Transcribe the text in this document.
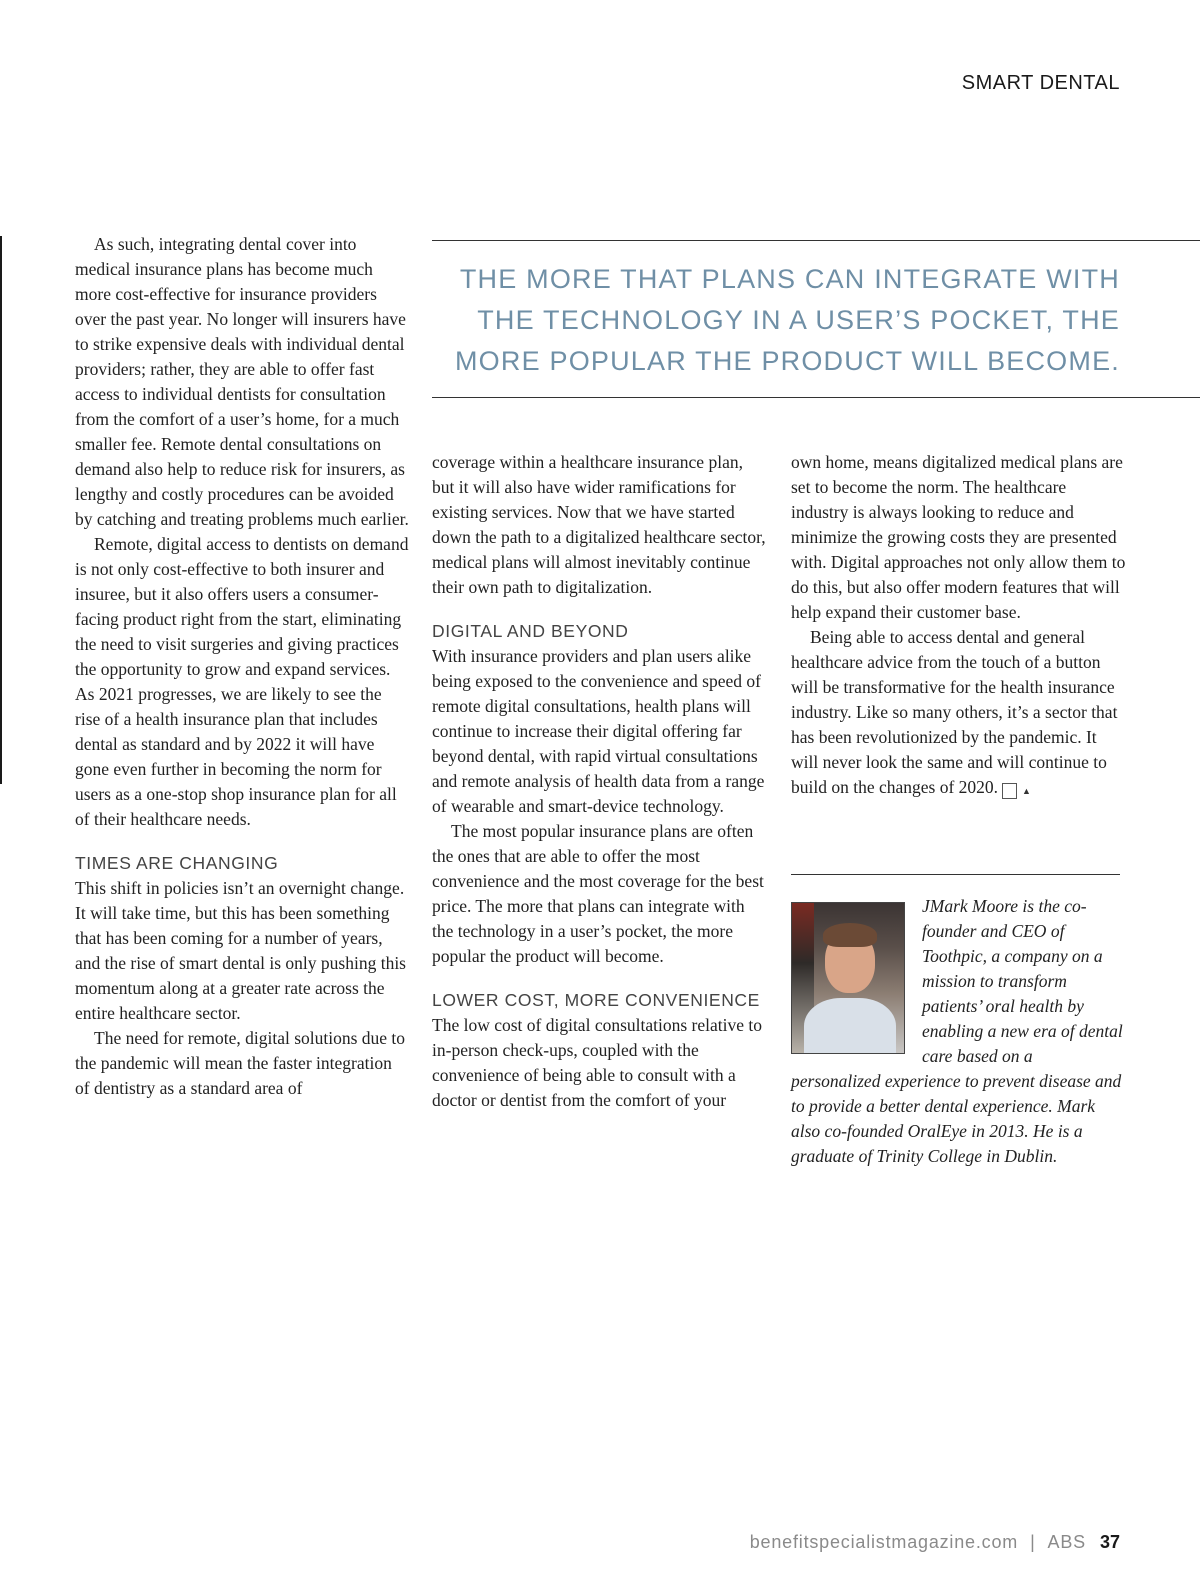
SMART DENTAL

As such, integrating dental cover into medical insurance plans has become much more cost-effective for insurance providers over the past year. No longer will insurers have to strike expensive deals with individual dental providers; rather, they are able to offer fast access to individual dentists for consultation from the comfort of a user’s home, for a much smaller fee. Remote dental consultations on demand also help to reduce risk for insurers, as lengthy and costly procedures can be avoided by catching and treating problems much earlier.

Remote, digital access to dentists on demand is not only cost-effective to both insurer and insuree, but it also offers users a consumer-facing product right from the start, eliminating the need to visit surgeries and giving practices the opportunity to grow and expand services. As 2021 progresses, we are likely to see the rise of a health insurance plan that includes dental as standard and by 2022 it will have gone even further in becoming the norm for users as a one-stop shop insurance plan for all of their healthcare needs.

TIMES ARE CHANGING

This shift in policies isn’t an overnight change. It will take time, but this has been something that has been coming for a number of years, and the rise of smart dental is only pushing this momentum along at a greater rate across the entire healthcare sector.

The need for remote, digital solutions due to the pandemic will mean the faster integration of dentistry as a standard area of

THE MORE THAT PLANS CAN INTEGRATE WITH THE TECHNOLOGY IN A USER’S POCKET, THE MORE POPULAR THE PRODUCT WILL BECOME.

coverage within a healthcare insurance plan, but it will also have wider ramifications for existing services. Now that we have started down the path to a digitalized healthcare sector, medical plans will almost inevitably continue their own path to digitalization.

DIGITAL AND BEYOND

With insurance providers and plan users alike being exposed to the convenience and speed of remote digital consultations, health plans will continue to increase their digital offering far beyond dental, with rapid virtual consultations and remote analysis of health data from a range of wearable and smart-device technology.

The most popular insurance plans are often the ones that are able to offer the most convenience and the most coverage for the best price. The more that plans can integrate with the technology in a user’s pocket, the more popular the product will become.

LOWER COST, MORE CONVENIENCE

The low cost of digital consultations relative to in-person check-ups, coupled with the convenience of being able to consult with a doctor or dentist from the comfort of your

own home, means digitalized medical plans are set to become the norm. The healthcare industry is always looking to reduce and minimize the growing costs they are presented with. Digital approaches not only allow them to do this, but also offer modern features that will help expand their customer base.

Being able to access dental and general healthcare advice from the touch of a button will be transformative for the health insurance industry. Like so many others, it’s a sector that has been revolutionized by the pandemic. It will never look the same and will continue to build on the changes of 2020.	▲

JMark Moore is the co-founder and CEO of Toothpic, a company on a mission to transform patients’ oral health by enabling a new era of dental care based on a personalized experience to prevent disease and to provide a better dental experience. Mark also co-founded OralEye in 2013. He is a graduate of Trinity College in Dublin.

benefitspecialistmagazine.com | ABS 37
